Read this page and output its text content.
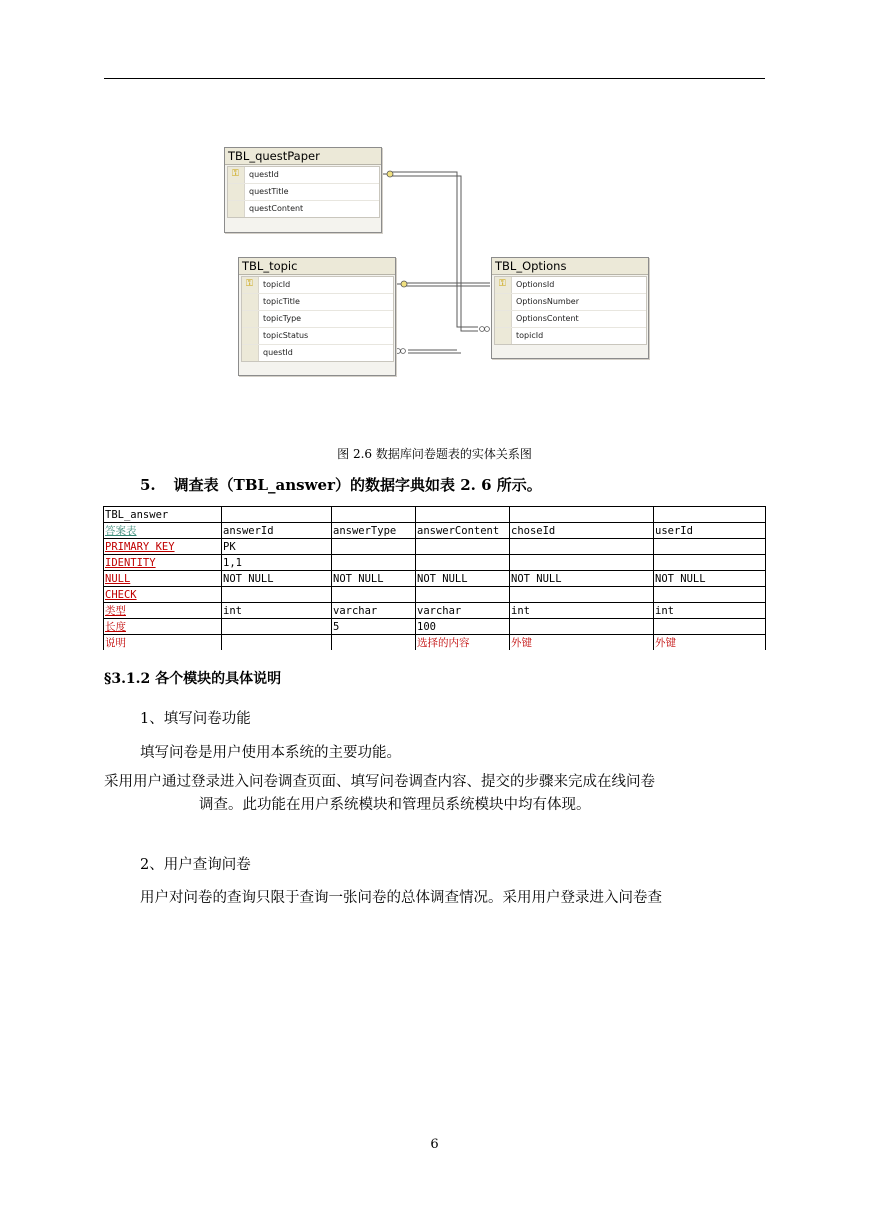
TBL_questPaper
⚿ questId
questTitle
questContent
TBL_topic
⚿ topicId
topicTitle
topicType
topicStatus
questId
TBL_Options
⚿ OptionsId
OptionsNumber
OptionsContent
topicId
图 2.6 数据库问卷题表的实体关系图
5. 调查表（TBL_answer）的数据字典如表 2. 6 所示。
TBL_answer					
答案表	answerId	answerType	answerContent	choseId	userId
PRIMARY KEY	PK				
IDENTITY	1,1				
NULL	NOT NULL	NOT NULL	NOT NULL	NOT NULL	NOT NULL
CHECK					
类型	int	varchar	varchar	int	int
长度		5	100		
说明			选择的内容	外键	外键
§3.1.2 各个模块的具体说明
1、填写问卷功能
填写问卷是用户使用本系统的主要功能。
采用用户通过登录进入问卷调查页面、填写问卷调查内容、提交的步骤来完成在线问卷
调查。此功能在用户系统模块和管理员系统模块中均有体现。
2、用户查询问卷
用户对问卷的查询只限于查询一张问卷的总体调查情况。采用用户登录进入问卷查
6
